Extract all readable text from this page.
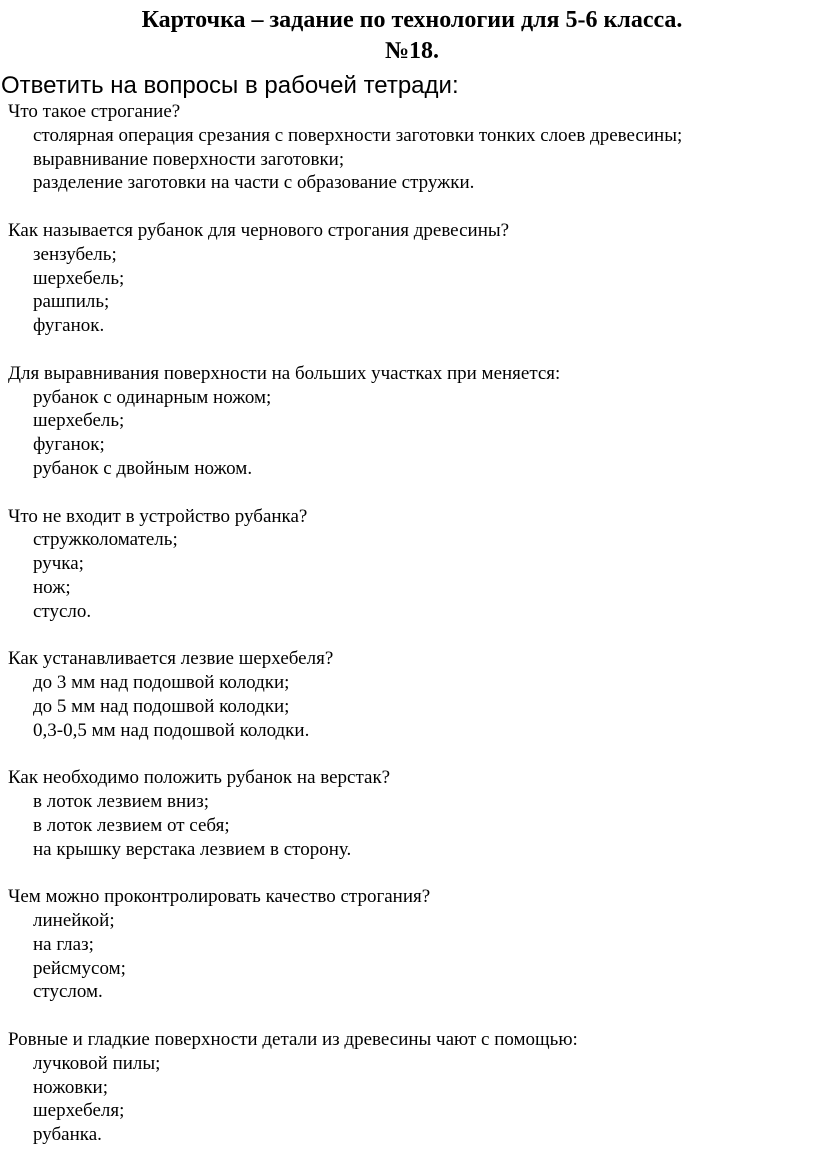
Карточка – задание по технологии для 5-6 класса.
№18.
Ответить на вопросы в рабочей тетради:
Что такое строгание?
столярная операция срезания с поверхности заготовки тонких слоев древесины;
выравнивание поверхности заготовки;
разделение заготовки на части с образование стружки.
Как называется рубанок для чернового строгания древесины?
зензубель;
шерхебель;
рашпиль;
фуганок.
Для выравнивания поверхности на больших участках при меняется:
рубанок с одинарным ножом;
шерхебель;
фуганок;
рубанок с двойным ножом.
Что не входит в устройство рубанка?
стружколоматель;
ручка;
нож;
стусло.
Как устанавливается лезвие шерхебеля?
до 3 мм над подошвой колодки;
до 5 мм над подошвой колодки;
0,3-0,5 мм над подошвой колодки.
Как необходимо положить рубанок на верстак?
в лоток лезвием вниз;
в лоток лезвием от себя;
на крышку верстака лезвием в сторону.
Чем можно проконтролировать качество строгания?
линейкой;
на глаз;
рейсмусом;
стуслом.
Ровные и гладкие поверхности детали из древесины чают с помощью:
лучковой пилы;
ножовки;
шерхебеля;
рубанка.
